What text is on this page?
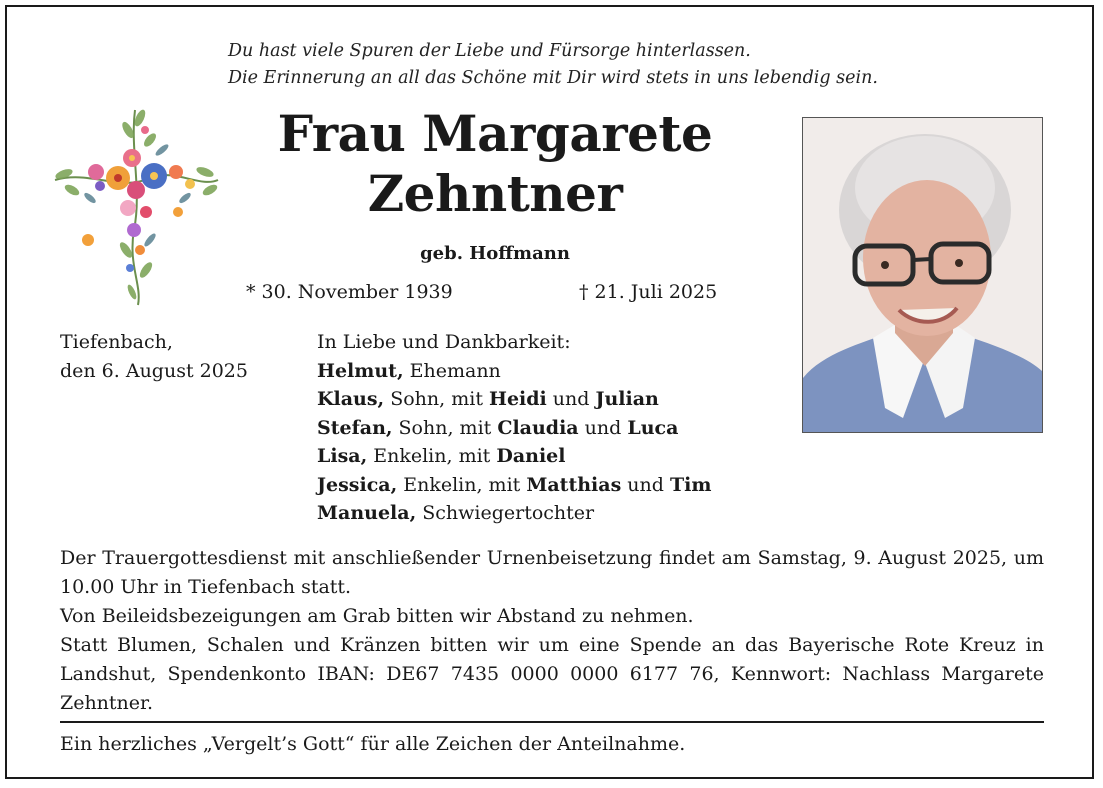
Du hast viele Spuren der Liebe und Fürsorge hinterlassen.
Die Erinnerung an all das Schöne mit Dir wird stets in uns lebendig sein.
Frau Margarete
Zehntner
geb. Hoffmann
* 30. November 1939	† 21. Juli 2025
Tiefenbach,
den 6. August 2025
In Liebe und Dankbarkeit:
Helmut, Ehemann
Klaus, Sohn, mit Heidi und Julian
Stefan, Sohn, mit Claudia und Luca
Lisa, Enkelin, mit Daniel
Jessica, Enkelin, mit Matthias und Tim
Manuela, Schwiegertochter

Der Trauergottesdienst mit anschließender Urnenbeisetzung findet am Samstag, 9. August 2025, um 10.00 Uhr in Tiefenbach statt.

Von Beileidsbezeigungen am Grab bitten wir Abstand zu nehmen.

Statt Blumen, Schalen und Kränzen bitten wir um eine Spende an das Bayerische Rote Kreuz in Landshut, Spendenkonto IBAN: DE67 7435 0000 0000 6177 76, Kennwort: Nachlass Margarete Zehntner.

Ein herzliches „Vergelt’s Gott“ für alle Zeichen der Anteilnahme.
